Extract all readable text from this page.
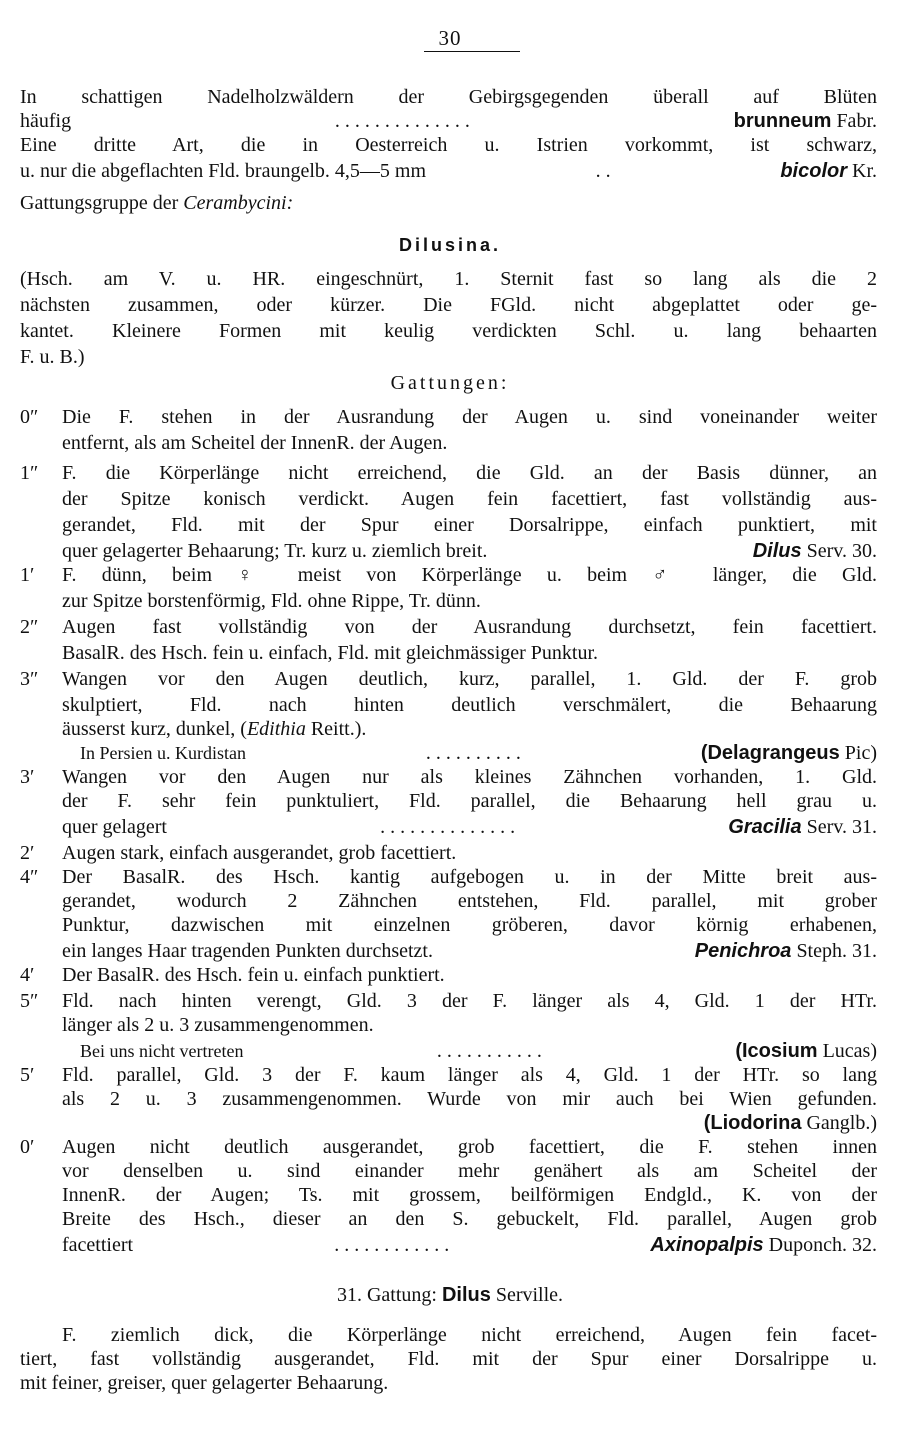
30
In schattigen Nadelholzwäldern der Gebirgsgegenden überall auf Blüten
häufig	. . . . . . . . . . . . . .	brunneum Fabr.
Eine dritte Art, die in Oesterreich u. Istrien vorkommt, ist schwarz,
u. nur die abgeflachten Fld. braungelb. 4,5—5 mm	. .	bicolor Kr.
Gattungsgruppe der Cerambycini:
Dilusina.
(Hsch. am V. u. HR. eingeschnürt, 1. Sternit fast so lang als die 2
nächsten zusammen, oder kürzer. Die FGld. nicht abgeplattet oder ge-
kantet. Kleinere Formen mit keulig verdickten Schl. u. lang behaarten
F. u. B.)
Gattungen:
0″	Die F. stehen in der Ausrandung der Augen u. sind voneinander weiter
entfernt, als am Scheitel der InnenR. der Augen.
1″	F. die Körperlänge nicht erreichend, die Gld. an der Basis dünner, an
der Spitze konisch verdickt. Augen fein facettiert, fast vollständig aus-
gerandet, Fld. mit der Spur einer Dorsalrippe, einfach punktiert, mit
quer gelagerter Behaarung; Tr. kurz u. ziemlich breit.	Dilus Serv. 30.
1′	F. dünn, beim ♀ meist von Körperlänge u. beim ♂ länger, die Gld.
zur Spitze borstenförmig, Fld. ohne Rippe, Tr. dünn.
2″	Augen fast vollständig von der Ausrandung durchsetzt, fein facettiert.
BasalR. des Hsch. fein u. einfach, Fld. mit gleichmässiger Punktur.
3″	Wangen vor den Augen deutlich, kurz, parallel, 1. Gld. der F. grob
skulptiert, Fld. nach hinten deutlich verschmälert, die Behaarung
äusserst kurz, dunkel, (Edithia Reitt.).
In Persien u. Kurdistan	. . . . . . . . . .	(Delagrangeus Pic)
3′	Wangen vor den Augen nur als kleines Zähnchen vorhanden, 1. Gld.
der F. sehr fein punktuliert, Fld. parallel, die Behaarung hell grau u.
quer gelagert	. . . . . . . . . . . . . .	Gracilia Serv. 31.
2′	Augen stark, einfach ausgerandet, grob facettiert.
4″	Der BasalR. des Hsch. kantig aufgebogen u. in der Mitte breit aus-
gerandet, wodurch 2 Zähnchen entstehen, Fld. parallel, mit grober
Punktur, dazwischen mit einzelnen gröberen, davor körnig erhabenen,
ein langes Haar tragenden Punkten durchsetzt.	Penichroa Steph. 31.
4′	Der BasalR. des Hsch. fein u. einfach punktiert.
5″	Fld. nach hinten verengt, Gld. 3 der F. länger als 4, Gld. 1 der HTr.
länger als 2 u. 3 zusammengenommen.
Bei uns nicht vertreten	. . . . . . . . . . .	(Icosium Lucas)
5′	Fld. parallel, Gld. 3 der F. kaum länger als 4, Gld. 1 der HTr. so lang
als 2 u. 3 zusammengenommen. Wurde von mir auch bei Wien gefunden.
(Liodorina Ganglb.)
0′	Augen nicht deutlich ausgerandet, grob facettiert, die F. stehen innen
vor denselben u. sind einander mehr genähert als am Scheitel der
InnenR. der Augen; Ts. mit grossem, beilförmigen Endgld., K. von der
Breite des Hsch., dieser an den S. gebuckelt, Fld. parallel, Augen grob
facettiert	. . . . . . . . . . . .	Axinopalpis Duponch. 32.
31. Gattung: Dilus Serville.
F. ziemlich dick, die Körperlänge nicht erreichend, Augen fein facet-
tiert, fast vollständig ausgerandet, Fld. mit der Spur einer Dorsalrippe u.
mit feiner, greiser, quer gelagerter Behaarung.
